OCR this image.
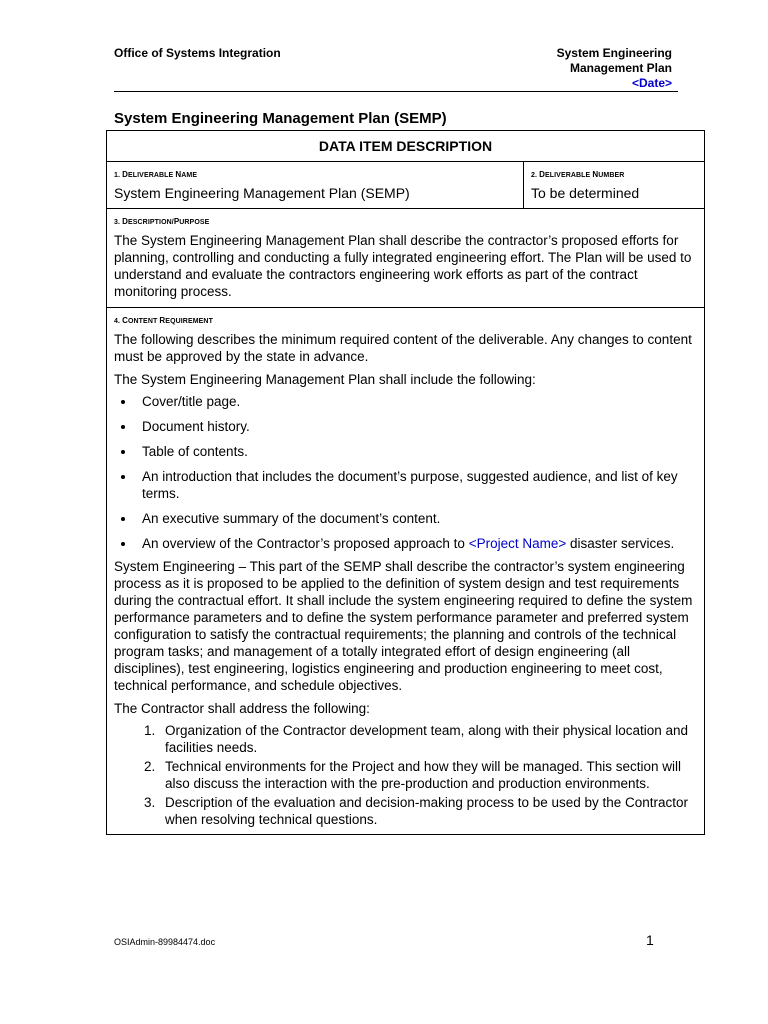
Office of Systems Integration	System Engineering
Management Plan
<Date>
System Engineering Management Plan (SEMP)
DATA ITEM DESCRIPTION

1. DELIVERABLE NAME
System Engineering Management Plan (SEMP)

2. DELIVERABLE NUMBER
To be determined

3. DESCRIPTION/PURPOSE

The System Engineering Management Plan shall describe the contractor’s proposed efforts for planning, controlling and conducting a fully integrated engineering effort. The Plan will be used to understand and evaluate the contractors engineering work efforts as part of the contract monitoring process.

4. CONTENT REQUIREMENT

The following describes the minimum required content of the deliverable. Any changes to content must be approved by the state in advance.

The System Engineering Management Plan shall include the following:

• Cover/title page.
• Document history.
• Table of contents.
• An introduction that includes the document’s purpose, suggested audience, and list of key terms.
• An executive summary of the document’s content.
• An overview of the Contractor’s proposed approach to <Project Name> disaster services.

System Engineering – This part of the SEMP shall describe the contractor’s system engineering process as it is proposed to be applied to the definition of system design and test requirements during the contractual effort. It shall include the system engineering required to define the system performance parameters and to define the system performance parameter and preferred system configuration to satisfy the contractual requirements; the planning and controls of the technical program tasks; and management of a totally integrated effort of design engineering (all disciplines), test engineering, logistics engineering and production engineering to meet cost, technical performance, and schedule objectives.

The Contractor shall address the following:

1. Organization of the Contractor development team, along with their physical location and facilities needs.
2. Technical environments for the Project and how they will be managed. This section will also discuss the interaction with the pre-production and production environments.
3. Description of the evaluation and decision-making process to be used by the Contractor when resolving technical questions.
OSIAdmin-89984474.doc	1
